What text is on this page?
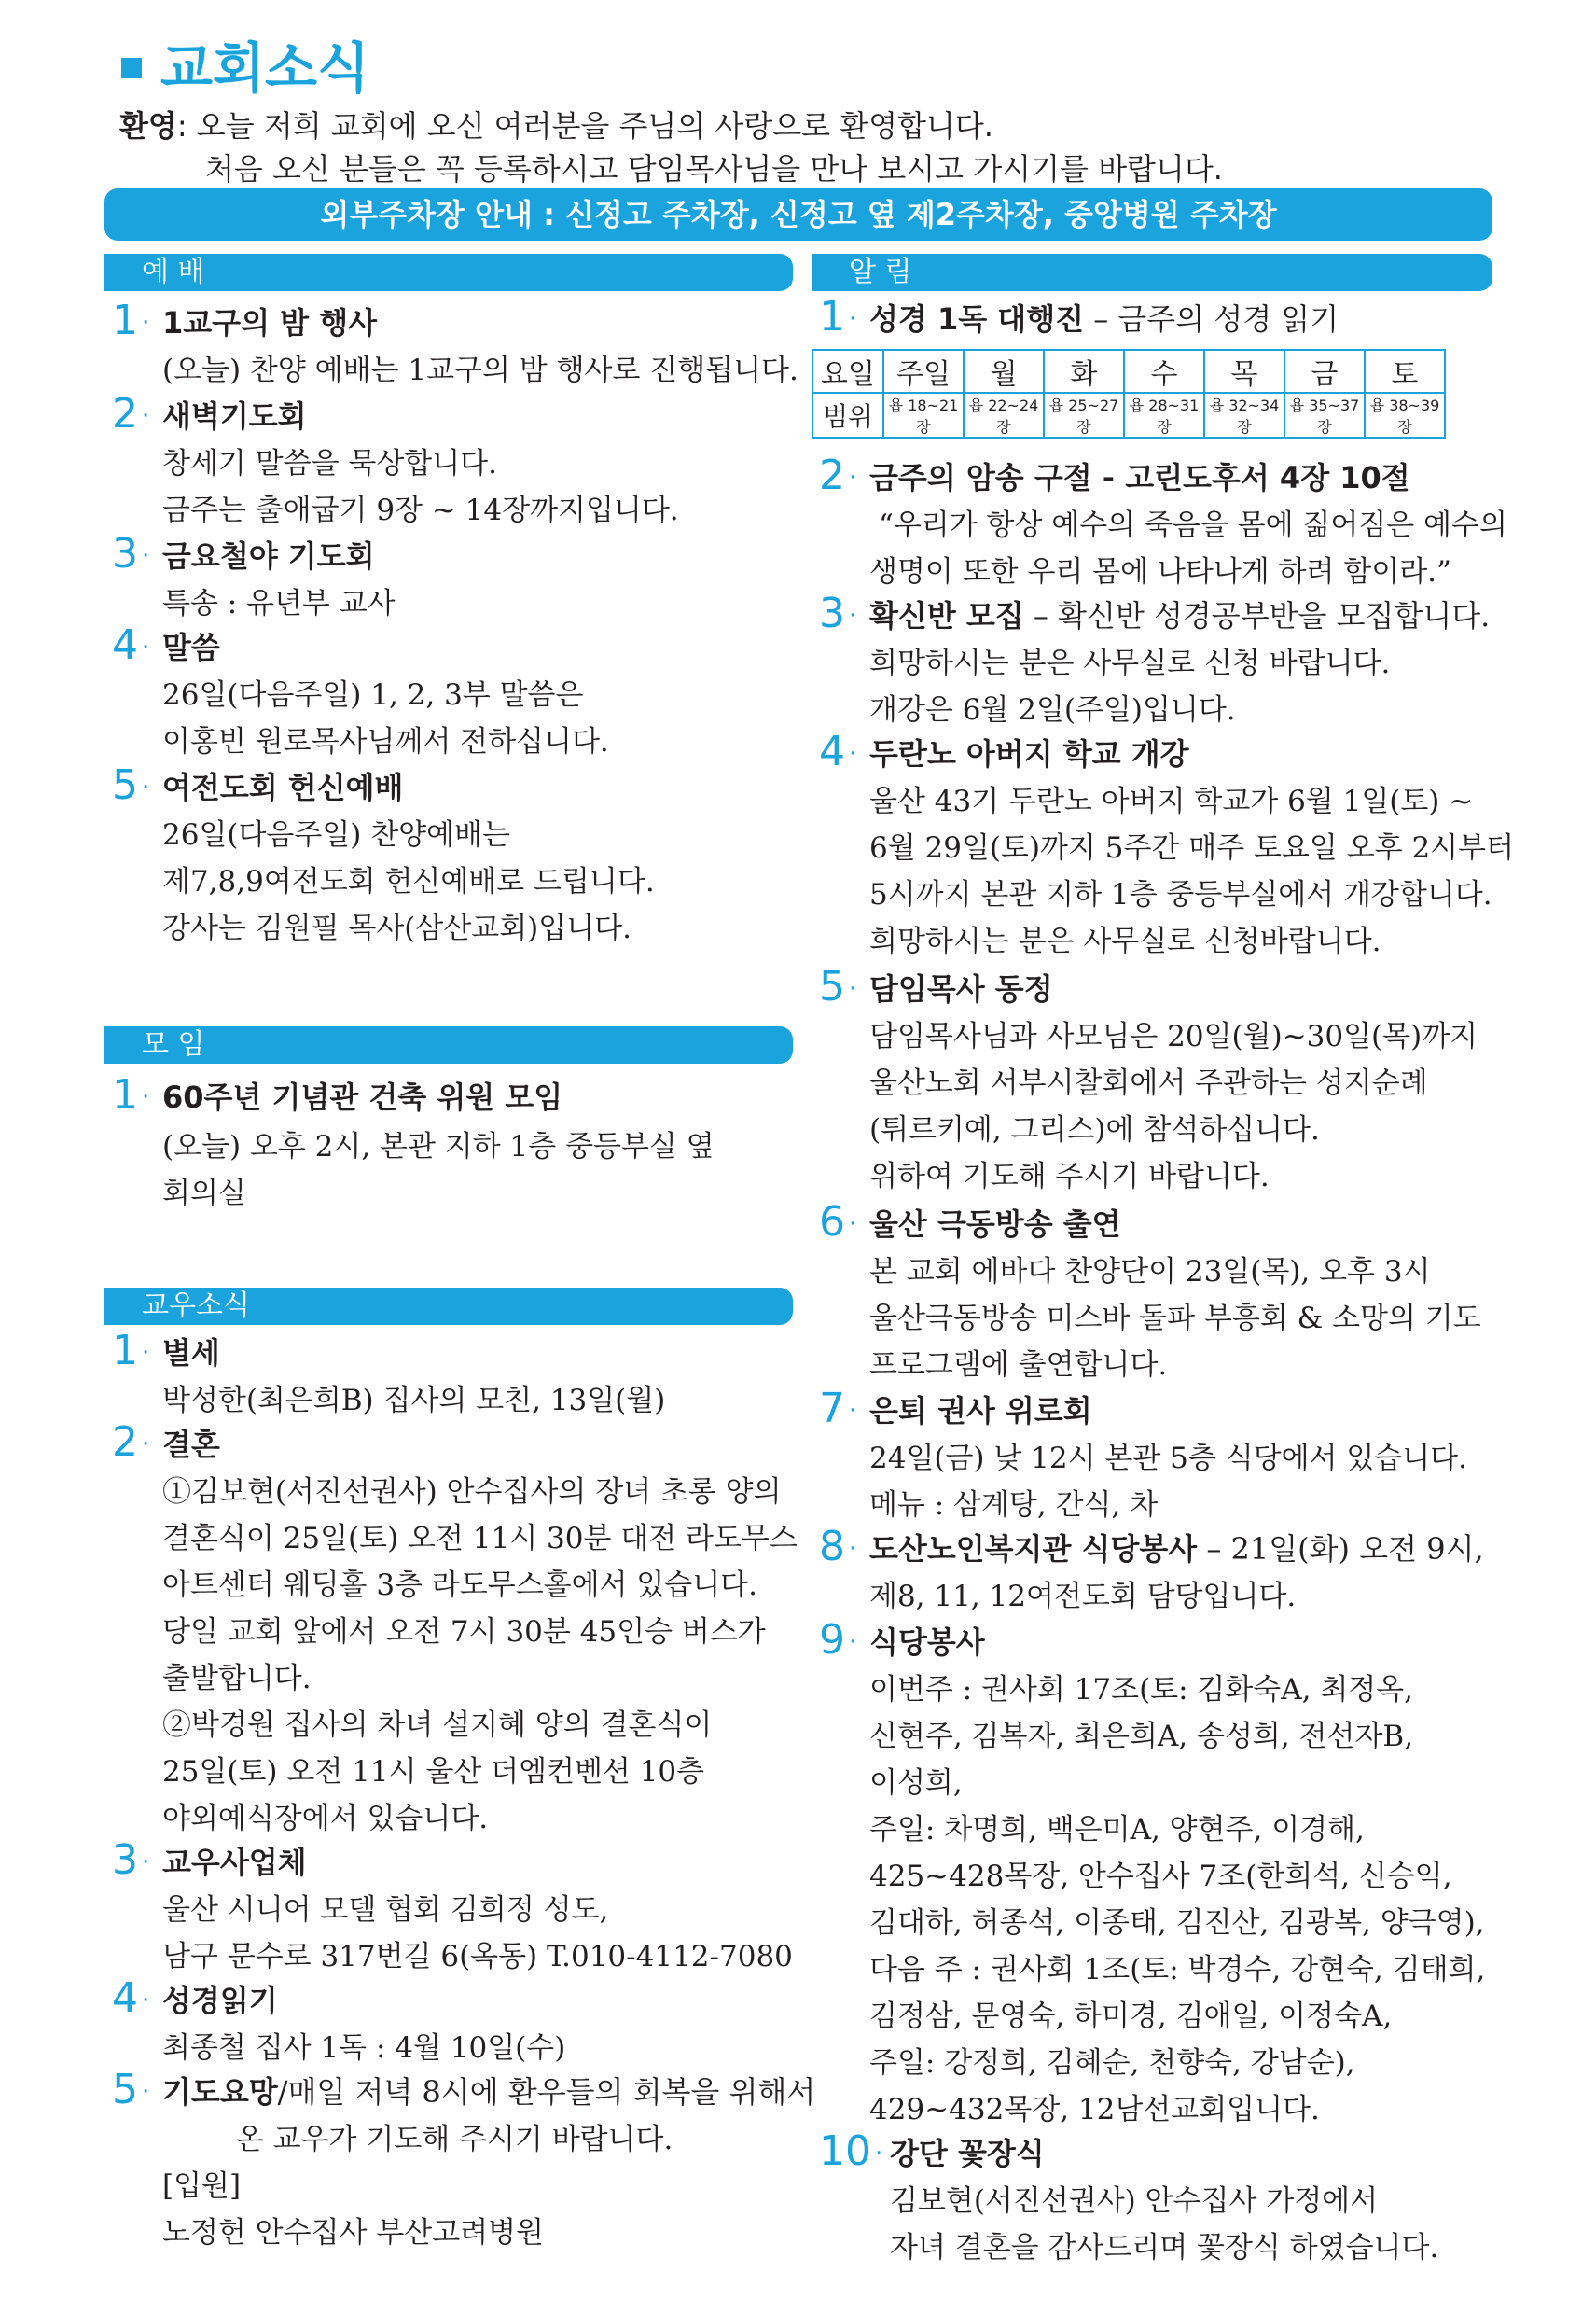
교회소식
환영: 오늘 저희 교회에 오신 여러분을 주님의 사랑으로 환영합니다.
처음 오신 분들은 꼭 등록하시고 담임목사님을 만나 보시고 가시기를 바랍니다.
외부주차장 안내 : 신정고 주차장, 신정고 옆 제2주차장, 중앙병원 주차장
예 배
1 · 1교구의 밤 행사
(오늘) 찬양 예배는 1교구의 밤 행사로 진행됩니다.
2 · 새벽기도회
창세기 말씀을 묵상합니다.
금주는 출애굽기 9장 ~ 14장까지입니다.
3 · 금요철야 기도회
특송 : 유년부 교사
4 · 말씀
26일(다음주일) 1, 2, 3부 말씀은
이홍빈 원로목사님께서 전하십니다.
5 · 여전도회 헌신예배
26일(다음주일) 찬양예배는
제7,8,9여전도회 헌신예배로 드립니다.
강사는 김원필 목사(삼산교회)입니다.
모 임
1 · 60주년 기념관 건축 위원 모임
(오늘) 오후 2시, 본관 지하 1층 중등부실 옆
회의실
교우소식
1 · 별세
박성한(최은희B) 집사의 모친, 13일(월)
2 · 결혼
①김보현(서진선권사) 안수집사의 장녀 초롱 양의
결혼식이 25일(토) 오전 11시 30분 대전 라도무스
아트센터 웨딩홀 3층 라도무스홀에서 있습니다.
당일 교회 앞에서 오전 7시 30분 45인승 버스가
출발합니다.
②박경원 집사의 차녀 설지혜 양의 결혼식이
25일(토) 오전 11시 울산 더엠컨벤션 10층
야외예식장에서 있습니다.
3 · 교우사업체
울산 시니어 모델 협회 김희정 성도,
남구 문수로 317번길 6(옥동) T.010-4112-7080
4 · 성경읽기
최종철 집사 1독 : 4월 10일(수)
5 · 기도요망/매일 저녁 8시에 환우들의 회복을 위해서
온 교우가 기도해 주시기 바랍니다.
[입원]
노정헌 안수집사 부산고려병원
알 림
1 · 성경 1독 대행진 – 금주의 성경 읽기
요일	주일	월	화	수	목	금	토
범위	욥 18~21장	욥 22~24장	욥 25~27장	욥 28~31장	욥 32~34장	욥 35~37장	욥 38~39장
2 · 금주의 암송 구절 - 고린도후서 4장 10절
“우리가 항상 예수의 죽음을 몸에 짊어짐은 예수의
생명이 또한 우리 몸에 나타나게 하려 함이라.”
3 · 확신반 모집 – 확신반 성경공부반을 모집합니다.
희망하시는 분은 사무실로 신청 바랍니다.
개강은 6월 2일(주일)입니다.
4 · 두란노 아버지 학교 개강
울산 43기 두란노 아버지 학교가 6월 1일(토) ~
6월 29일(토)까지 5주간 매주 토요일 오후 2시부터
5시까지 본관 지하 1층 중등부실에서 개강합니다.
희망하시는 분은 사무실로 신청바랍니다.
5 · 담임목사 동정
담임목사님과 사모님은 20일(월)~30일(목)까지
울산노회 서부시찰회에서 주관하는 성지순례
(튀르키예, 그리스)에 참석하십니다.
위하여 기도해 주시기 바랍니다.
6 · 울산 극동방송 출연
본 교회 에바다 찬양단이 23일(목), 오후 3시
울산극동방송 미스바 돌파 부흥회 & 소망의 기도
프로그램에 출연합니다.
7 · 은퇴 권사 위로회
24일(금) 낮 12시 본관 5층 식당에서 있습니다.
메뉴 : 삼계탕, 간식, 차
8 · 도산노인복지관 식당봉사 – 21일(화) 오전 9시,
제8, 11, 12여전도회 담당입니다.
9 · 식당봉사
이번주 : 권사회 17조(토: 김화숙A, 최정옥,
신현주, 김복자, 최은희A, 송성희, 전선자B,
이성희,
주일: 차명희, 백은미A, 양현주, 이경해,
425~428목장, 안수집사 7조(한희석, 신승익,
김대하, 허종석, 이종태, 김진산, 김광복, 양극영),
다음 주 : 권사회 1조(토: 박경수, 강현숙, 김태희,
김정삼, 문영숙, 하미경, 김애일, 이정숙A,
주일: 강정희, 김혜순, 천향숙, 강남순),
429~432목장, 12남선교회입니다.
10 · 강단 꽃장식
김보현(서진선권사) 안수집사 가정에서
자녀 결혼을 감사드리며 꽃장식 하였습니다.
